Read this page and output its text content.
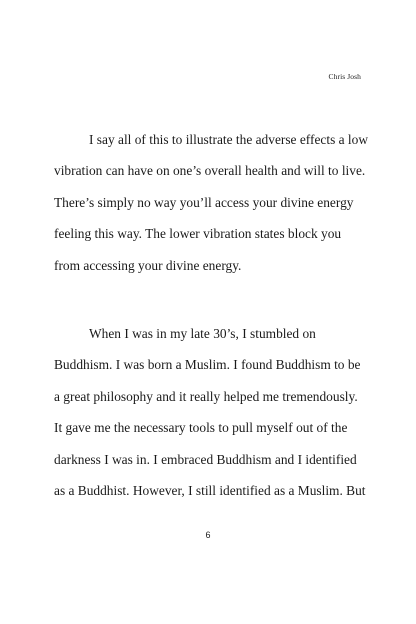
Chris Josh
I say all of this to illustrate the adverse effects a low
vibration can have on one’s overall health and will to live.
There’s simply no way you’ll access your divine energy
feeling this way. The lower vibration states block you
from accessing your divine energy.
When I was in my late 30’s, I stumbled on
Buddhism. I was born a Muslim. I found Buddhism to be
a great philosophy and it really helped me tremendously.
It gave me the necessary tools to pull myself out of the
darkness I was in. I embraced Buddhism and I identified
as a Buddhist. However, I still identified as a Muslim. But
6
